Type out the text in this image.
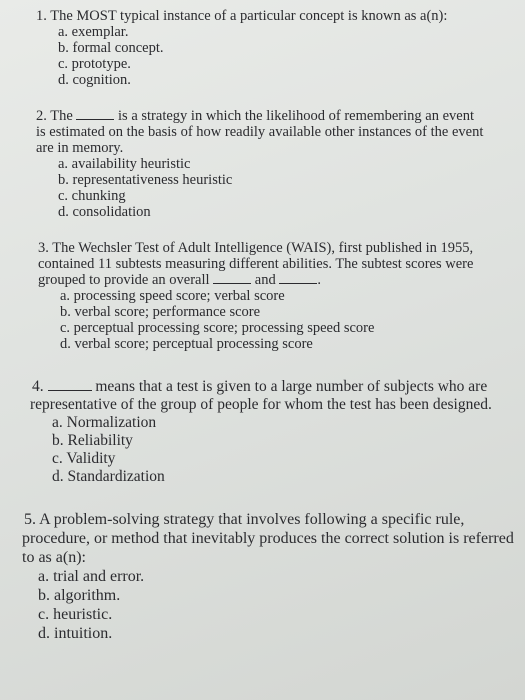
1. The MOST typical instance of a particular concept is known as a(n):
a. exemplar.
b. formal concept.
c. prototype.
d. cognition.
2. The	is a strategy in which the likelihood of remembering an event
is estimated on the basis of how readily available other instances of the event
are in memory.
a. availability heuristic
b. representativeness heuristic
c. chunking
d. consolidation
3. The Wechsler Test of Adult Intelligence (WAIS), first published in 1955,
contained 11 subtests measuring different abilities. The subtest scores were
grouped to provide an overall	and	.
a. processing speed score; verbal score
b. verbal score; performance score
c. perceptual processing score; processing speed score
d. verbal score; perceptual processing score
4.	means that a test is given to a large number of subjects who are
representative of the group of people for whom the test has been designed.
a. Normalization
b. Reliability
c. Validity
d. Standardization
5. A problem-solving strategy that involves following a specific rule,
procedure, or method that inevitably produces the correct solution is referred
to as a(n):
a. trial and error.
b. algorithm.
c. heuristic.
d. intuition.
